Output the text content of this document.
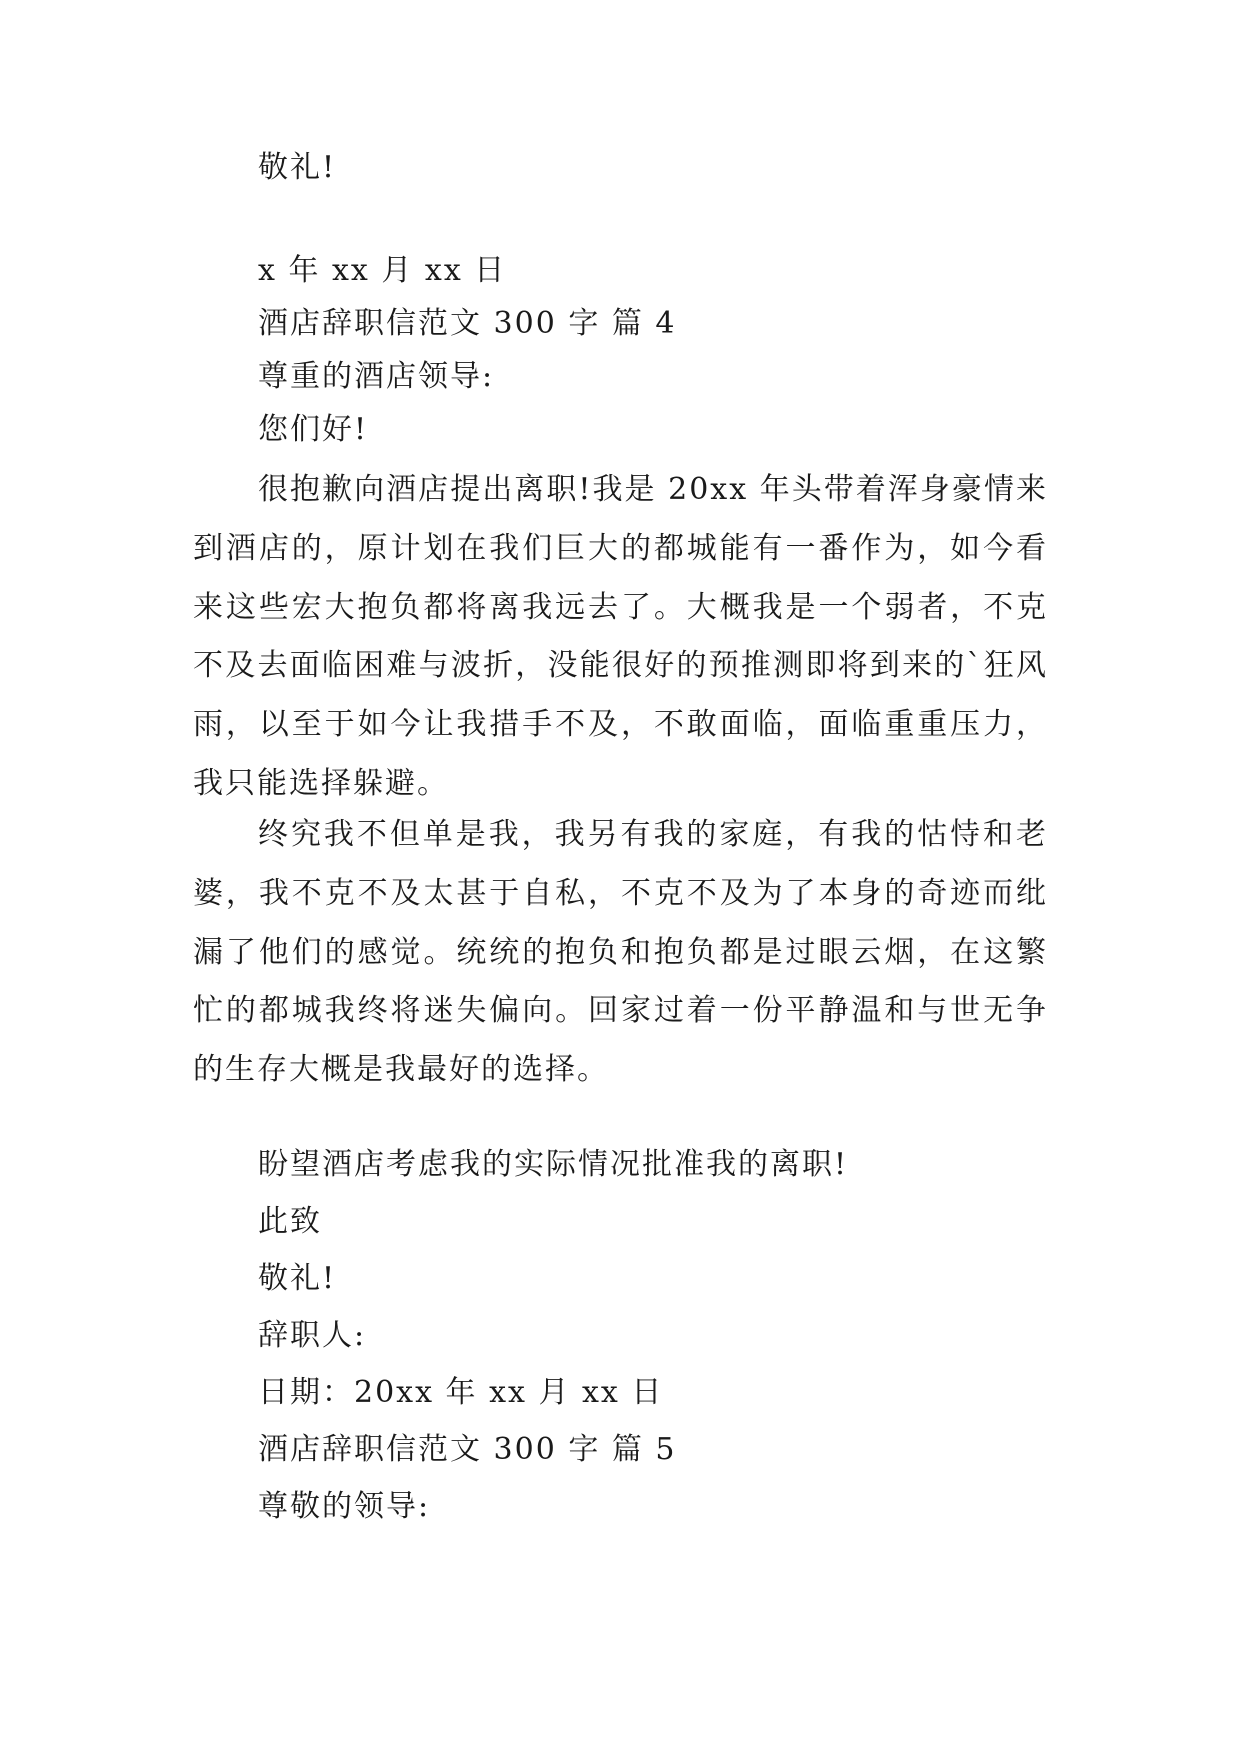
敬礼!
x 年 xx 月 xx 日
酒店辞职信范文 300 字 篇 4
尊重的酒店领导:
您们好!
很抱歉向酒店提出离职!我是 20xx 年头带着浑身豪情来到酒店的，原计划在我们巨大的都城能有一番作为，如今看来这些宏大抱负都将离我远去了。大概我是一个弱者，不克不及去面临困难与波折，没能很好的预推测即将到来的`狂风雨，以至于如今让我措手不及，不敢面临，面临重重压力，我只能选择躲避。
终究我不但单是我，我另有我的家庭，有我的怙恃和老婆，我不克不及太甚于自私，不克不及为了本身的奇迹而纰漏了他们的感觉。统统的抱负和抱负都是过眼云烟，在这繁忙的都城我终将迷失偏向。回家过着一份平静温和与世无争的生存大概是我最好的选择。
盼望酒店考虑我的实际情况批准我的离职!
此致
敬礼!
辞职人:
日期：20xx 年 xx 月 xx 日
酒店辞职信范文 300 字 篇 5
尊敬的领导:
